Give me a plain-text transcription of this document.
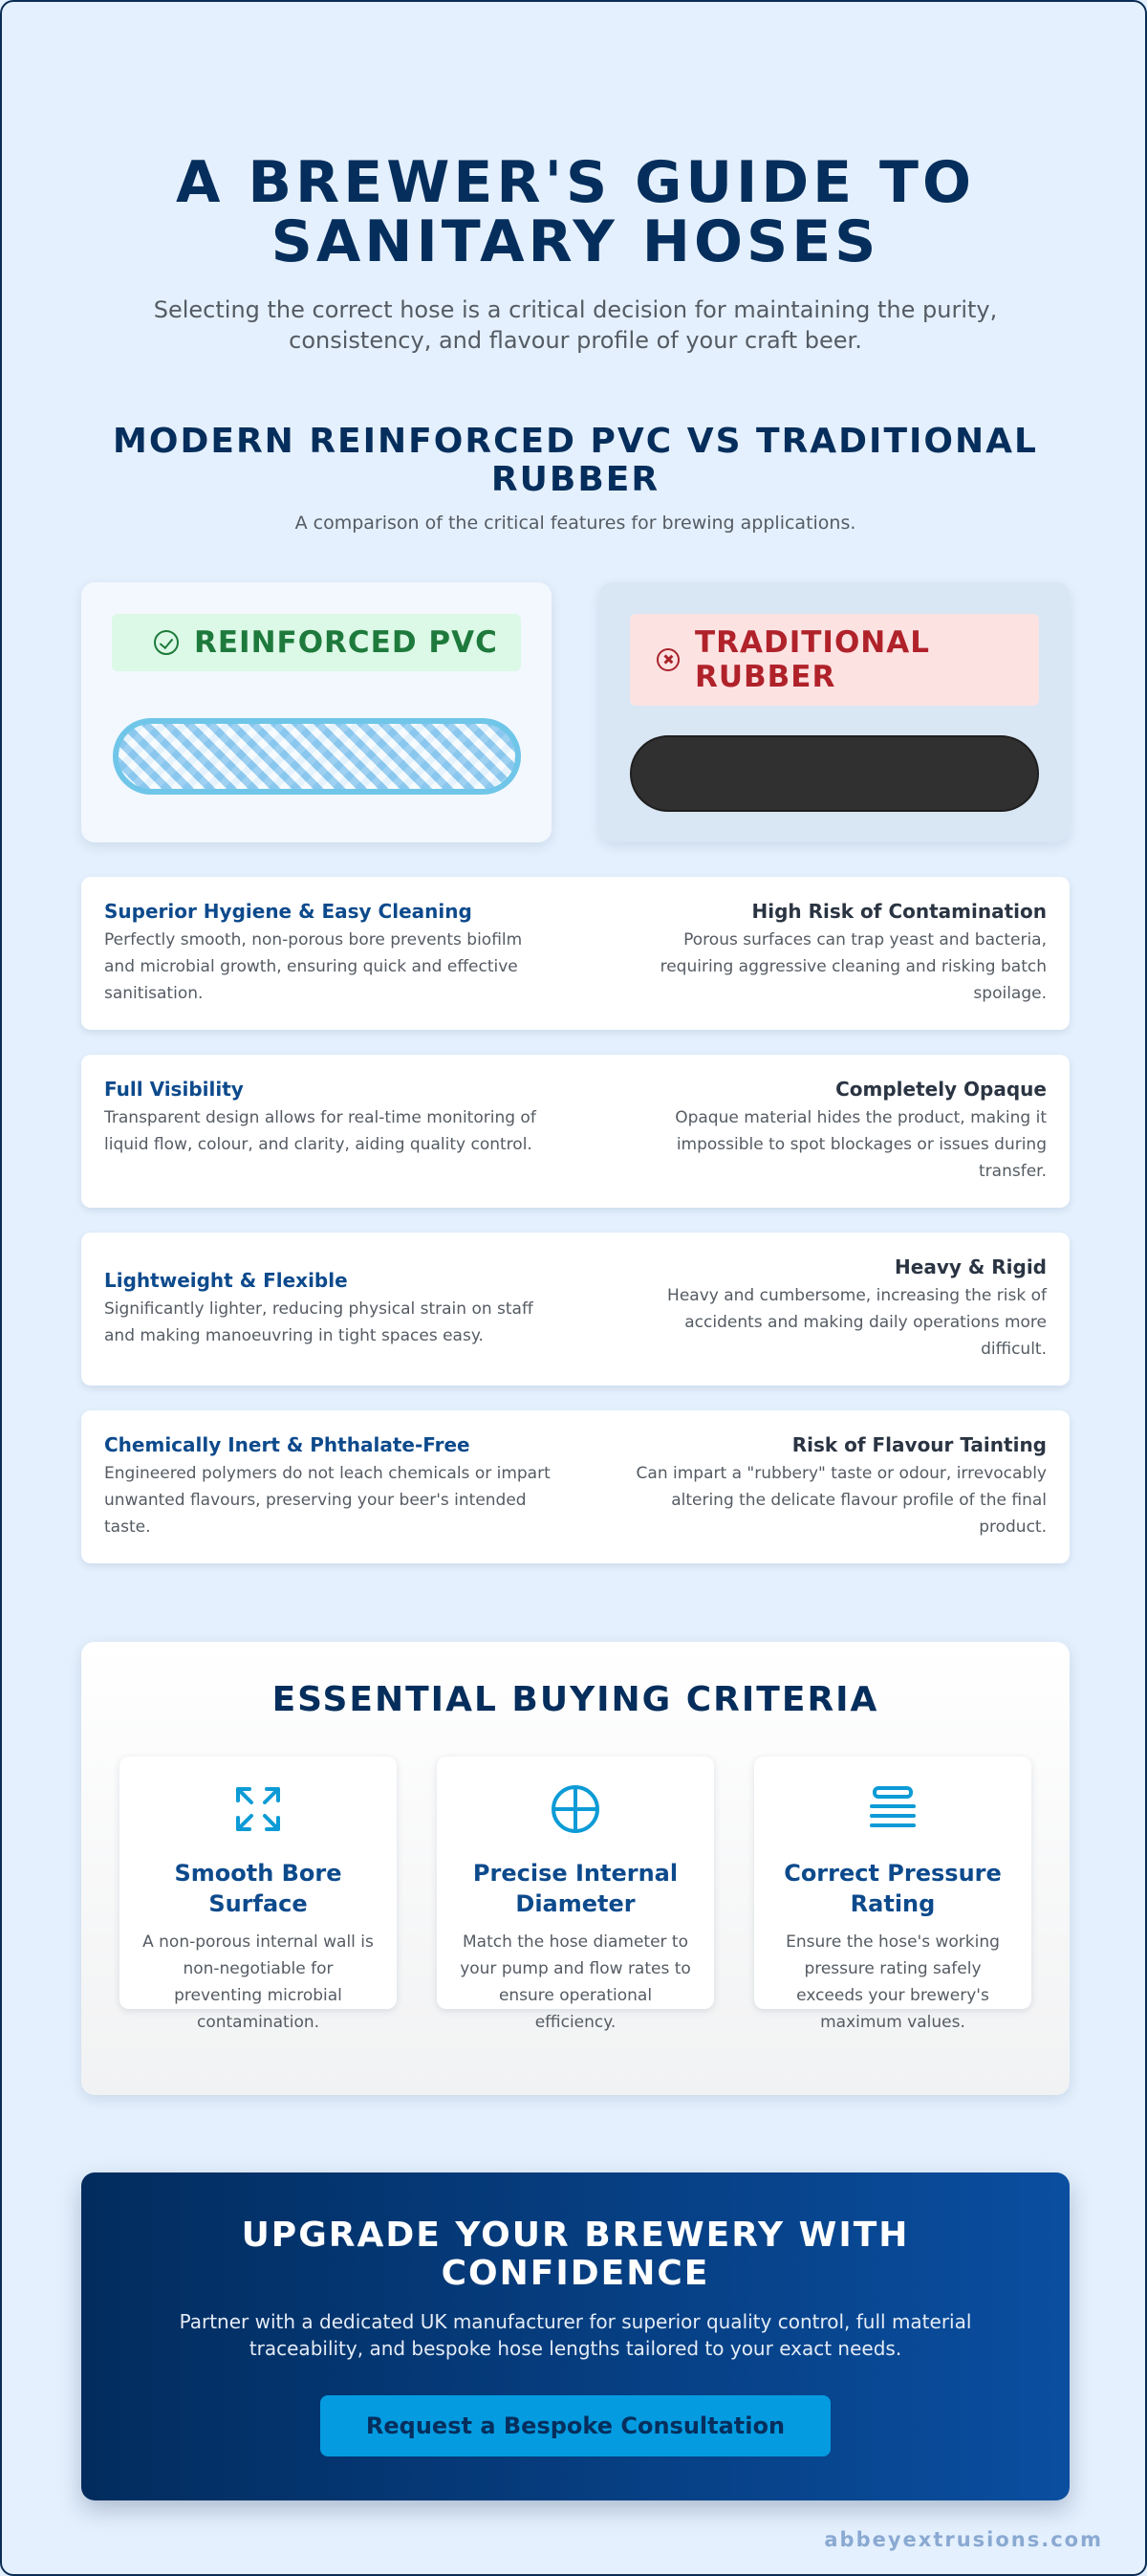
A BREWER'S GUIDE TO SANITARY HOSES

Selecting the correct hose is a critical decision for maintaining the purity, consistency, and flavour profile of your craft beer.

MODERN REINFORCED PVC VS TRADITIONAL RUBBER

A comparison of the critical features for brewing applications.

REINFORCED PVC	TRADITIONAL RUBBER
Superior Hygiene & Easy Cleaning
Perfectly smooth, non-porous bore prevents biofilm and microbial growth, ensuring quick and effective sanitisation.
High Risk of Contamination
Porous surfaces can trap yeast and bacteria, requiring aggressive cleaning and risking batch spoilage.
Full Visibility
Transparent design allows for real-time monitoring of liquid flow, colour, and clarity, aiding quality control.
Completely Opaque
Opaque material hides the product, making it impossible to spot blockages or issues during transfer.
Lightweight & Flexible
Significantly lighter, reducing physical strain on staff and making manoeuvring in tight spaces easy.
Heavy & Rigid
Heavy and cumbersome, increasing the risk of accidents and making daily operations more difficult.
Chemically Inert & Phthalate-Free
Engineered polymers do not leach chemicals or impart unwanted flavours, preserving your beer's intended taste.
Risk of Flavour Tainting
Can impart a "rubbery" taste or odour, irrevocably altering the delicate flavour profile of the final product.
ESSENTIAL BUYING CRITERIA
Smooth Bore Surface

A non-porous internal wall is non-negotiable for preventing microbial contamination.

Precise Internal Diameter

Match the hose diameter to your pump and flow rates to ensure operational efficiency.

Correct Pressure Rating

Ensure the hose's working pressure rating safely exceeds your brewery's maximum values.

UPGRADE YOUR BREWERY WITH CONFIDENCE

Partner with a dedicated UK manufacturer for superior quality control, full material traceability, and bespoke hose lengths tailored to your exact needs.

Request a Bespoke Consultation
abbeyextrusions.com
